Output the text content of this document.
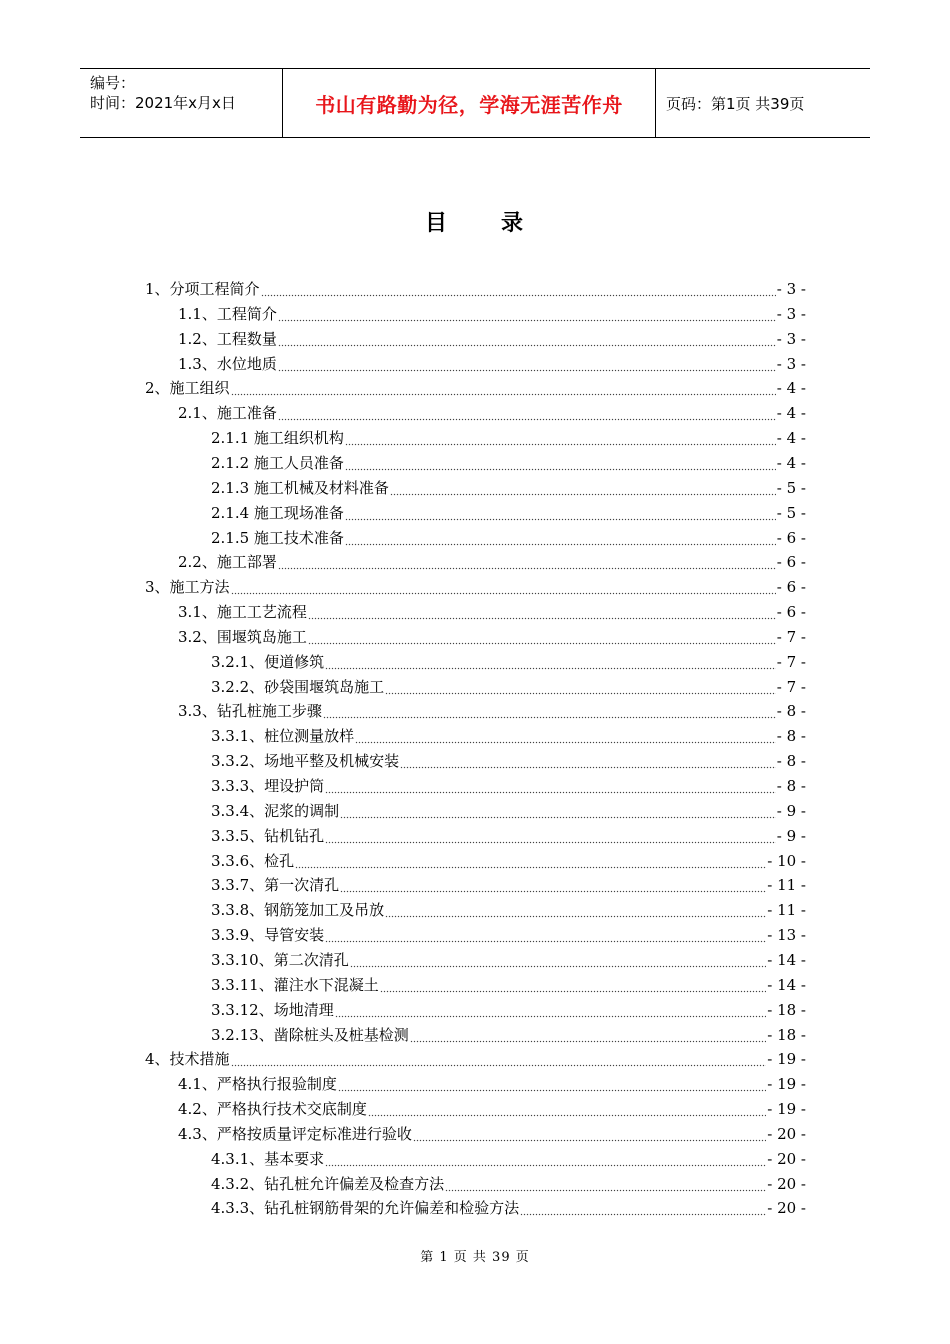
编号：
时间：2021年x月x日	书山有路勤为径，学海无涯苦作舟	页码：第1页 共39页
目 录
1、分项工程简介	- 3 -
1.1、工程简介	- 3 -
1.2、工程数量	- 3 -
1.3、水位地质	- 3 -
2、施工组织	- 4 -
2.1、施工准备	- 4 -
2.1.1 施工组织机构	- 4 -
2.1.2 施工人员准备	- 4 -
2.1.3 施工机械及材料准备	- 5 -
2.1.4 施工现场准备	- 5 -
2.1.5 施工技术准备	- 6 -
2.2、施工部署	- 6 -
3、施工方法	- 6 -
3.1、施工工艺流程	- 6 -
3.2、围堰筑岛施工	- 7 -
3.2.1、便道修筑	- 7 -
3.2.2、砂袋围堰筑岛施工	- 7 -
3.3、钻孔桩施工步骤	- 8 -
3.3.1、桩位测量放样	- 8 -
3.3.2、场地平整及机械安装	- 8 -
3.3.3、埋设护筒	- 8 -
3.3.4、泥浆的调制	- 9 -
3.3.5、钻机钻孔	- 9 -
3.3.6、检孔	- 10 -
3.3.7、第一次清孔	- 11 -
3.3.8、钢筋笼加工及吊放	- 11 -
3.3.9、导管安装	- 13 -
3.3.10、第二次清孔	- 14 -
3.3.11、灌注水下混凝土	- 14 -
3.3.12、场地清理	- 18 -
3.2.13、凿除桩头及桩基检测	- 18 -
4、技术措施	- 19 -
4.1、严格执行报验制度	- 19 -
4.2、严格执行技术交底制度	- 19 -
4.3、严格按质量评定标准进行验收	- 20 -
4.3.1、基本要求	- 20 -
4.3.2、钻孔桩允许偏差及检查方法	- 20 -
4.3.3、钻孔桩钢筋骨架的允许偏差和检验方法	- 20 -
第 1 页 共 39 页
